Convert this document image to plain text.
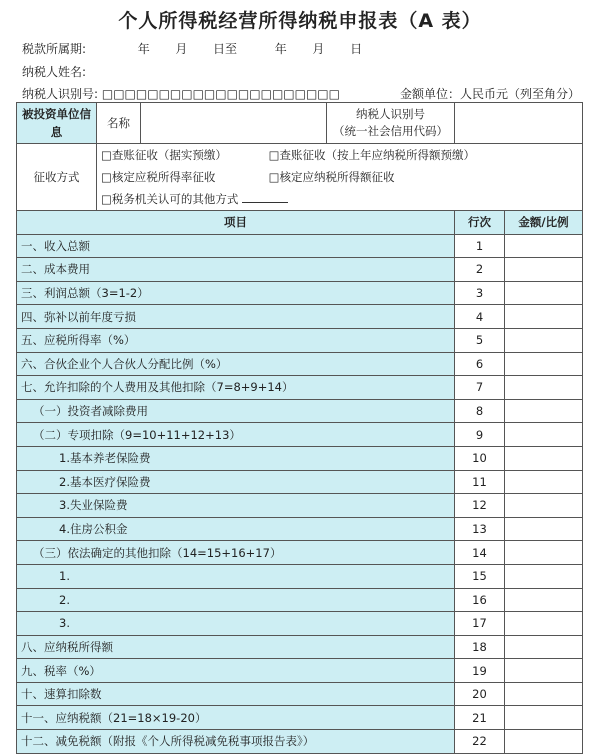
个人所得税经营所得纳税申报表（A 表）
税款所属期:	年 月 日至	年 月 日
纳税人姓名:
纳税人识别号: □□□□□□□□□□□□□□□□□□□□□	金额单位：人民币元（列至角分）
被投资单位信息	名称		纳税人识别号
（统一社会信用代码）		

征收方式	□查账征收（据实预缴） □查账征收（按上年应纳税所得额预缴）
□核定应税所得率征收 □核定应纳税所得额征收
□税务机关认可的其他方式				

项目				行次	金额/比例
一、收入总额				1	
二、成本费用				2	
三、利润总额（3=1-2）				3	
四、弥补以前年度亏损				4	
五、应税所得率（%）				5	
六、合伙企业个人合伙人分配比例（%）				6	
七、允许扣除的个人费用及其他扣除（7=8+9+14）				7	
（一）投资者减除费用				8	
（二）专项扣除（9=10+11+12+13）				9	
1.基本养老保险费				10	
2.基本医疗保险费				11	
3.失业保险费				12	
4.住房公积金				13	
（三）依法确定的其他扣除（14=15+16+17）				14	
1.				15	
2.				16	
3.				17	
八、应纳税所得额				18	
九、税率（%）				19	
十、速算扣除数				20	
十一、应纳税额（21=18×19-20）				21	
十二、减免税额（附报《个人所得税减免税事项报告表》）				22	
